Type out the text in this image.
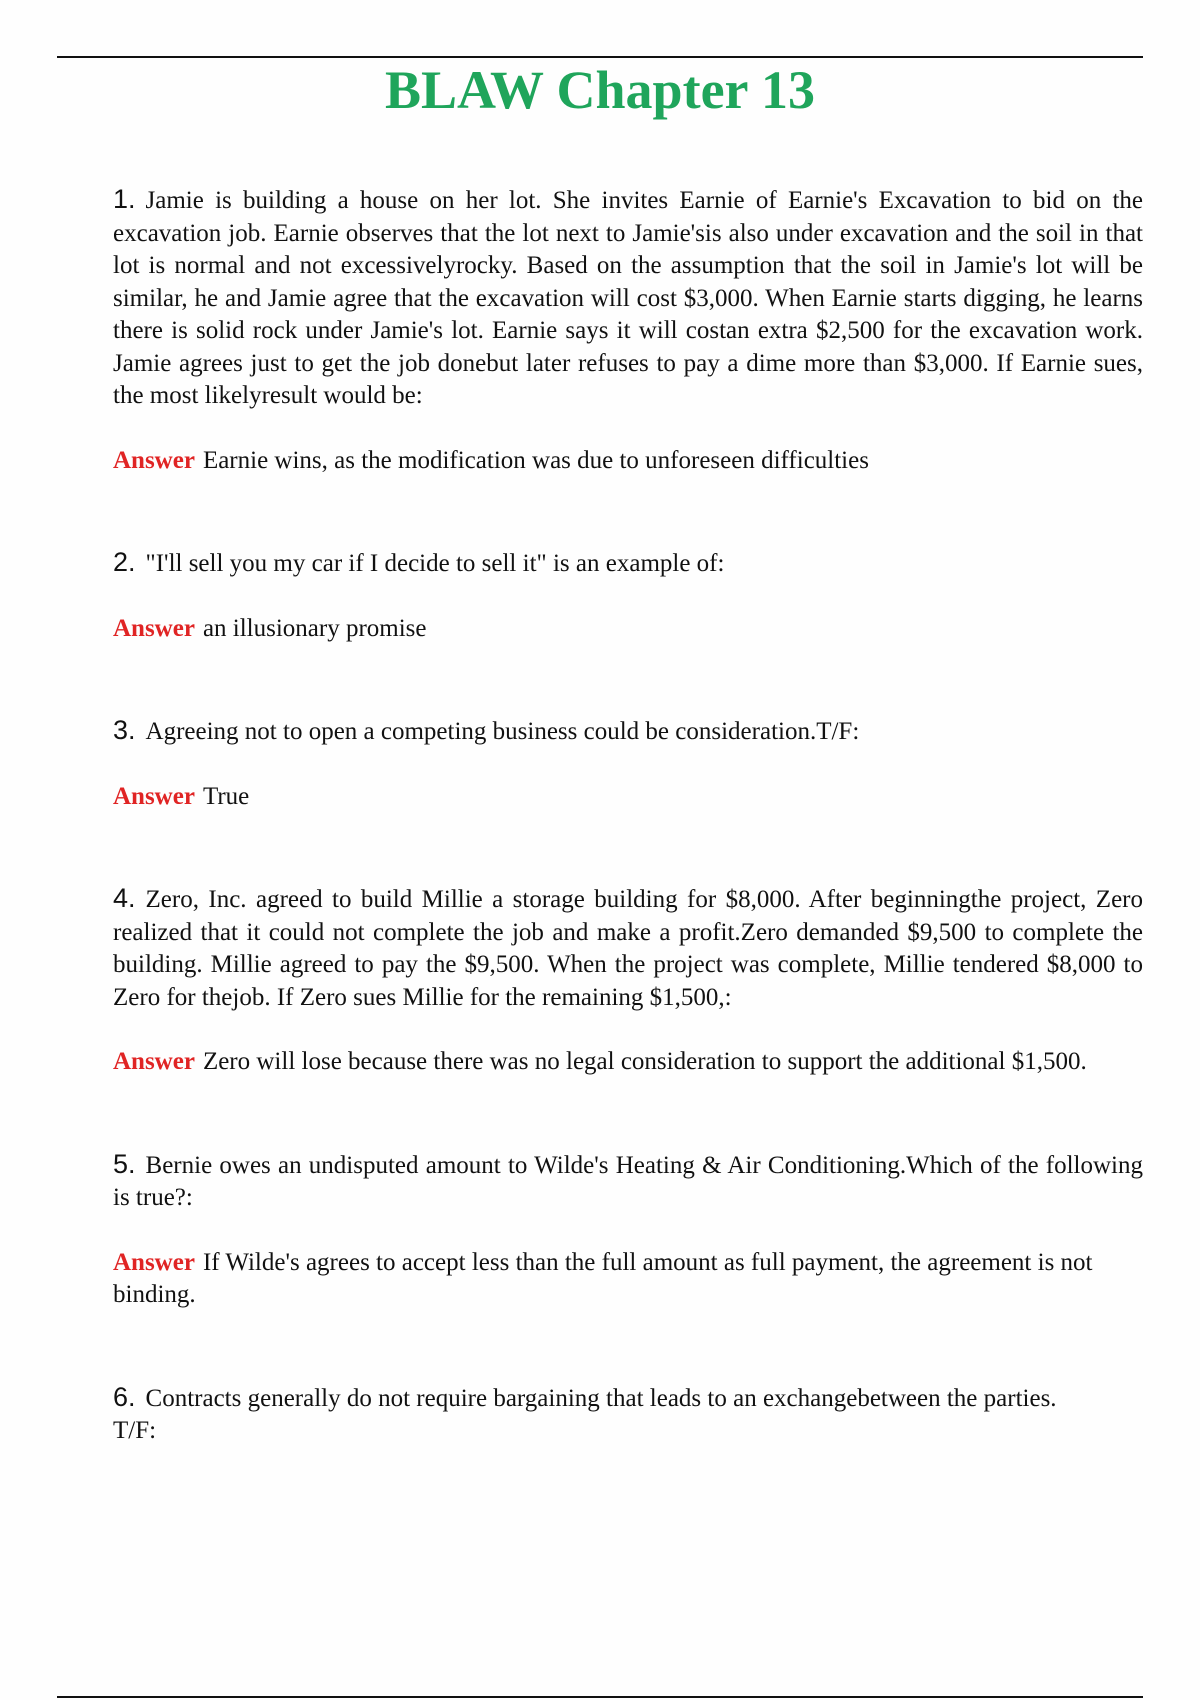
BLAW Chapter 13

1. Jamie is building a house on her lot. She invites Earnie of Earnie's Excavation to bid on the excavation job. Earnie observes that the lot next to Jamie'sis also under excavation and the soil in that lot is normal and not excessivelyrocky. Based on the assumption that the soil in Jamie's lot will be similar, he and Jamie agree that the excavation will cost $3,000. When Earnie starts digging, he learns there is solid rock under Jamie's lot. Earnie says it will costan extra $2,500 for the excavation work. Jamie agrees just to get the job donebut later refuses to pay a dime more than $3,000. If Earnie sues, the most likelyresult would be:

Answer Earnie wins, as the modification was due to unforeseen difficulties

2. "I'll sell you my car if I decide to sell it" is an example of:

Answer an illusionary promise

3. Agreeing not to open a competing business could be consideration.T/F:

Answer True

4. Zero, Inc. agreed to build Millie a storage building for $8,000. After beginningthe project, Zero realized that it could not complete the job and make a profit.Zero demanded $9,500 to complete the building. Millie agreed to pay the $9,500. When the project was complete, Millie tendered $8,000 to Zero for thejob. If Zero sues Millie for the remaining $1,500,:

Answer Zero will lose because there was no legal consideration to support the additional $1,500.

5. Bernie owes an undisputed amount to Wilde's Heating & Air Conditioning.Which of the following is true?:

Answer If Wilde's agrees to accept less than the full amount as full payment, the agreement is not binding.

6. Contracts generally do not require bargaining that leads to an exchangebetween the parties.
T/F:
